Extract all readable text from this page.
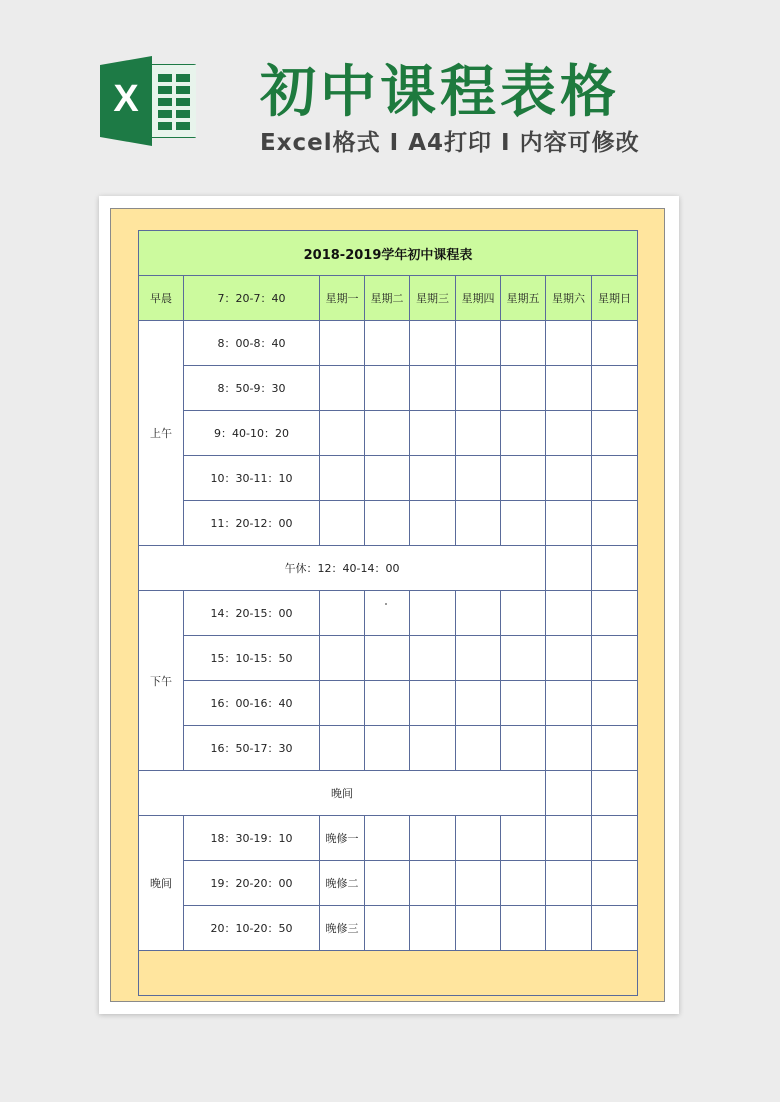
X 初中课程表格
Excel格式 I A4打印 I 内容可修改
2018-2019学年初中课程表								
早晨	7：20-7：40	星期一	星期二	星期三	星期四	星期五	星期六	星期日
上午	8：00-8：40							
	8：50-9：30							
	9：40-10：20							
	10：30-11：10							
	11：20-12：00							
午休：12：40-14：00								
下午	14：20-15：00							
	15：10-15：50							
	16：00-16：40							
	16：50-17：30							
晚间								
晚间	18：30-19：10	晚修一						
	19：20-20：00	晚修二						
	20：10-20：50	晚修三						
